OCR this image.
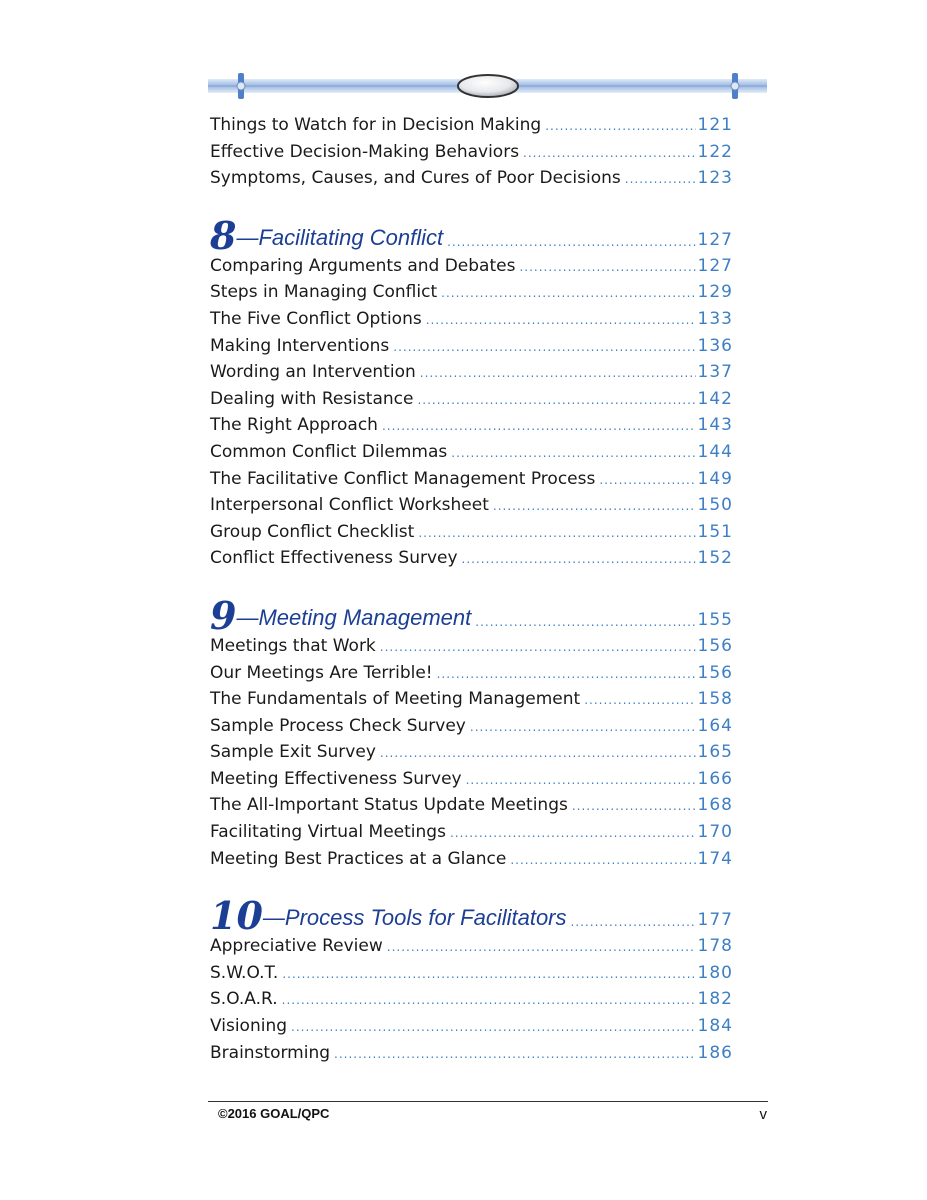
Things to Watch for in Decision Making .....	121
Effective Decision-Making Behaviors .....	122
Symptoms, Causes, and Cures of Poor Decisions .....	123
8 —Facilitating Conflict .....	127
Comparing Arguments and Debates .....	127
Steps in Managing Conflict .....	129
The Five Conflict Options .....	133
Making Interventions .....	136
Wording an Intervention .....	137
Dealing with Resistance .....	142
The Right Approach .....	143
Common Conflict Dilemmas .....	144
The Facilitative Conflict Management Process .....	149
Interpersonal Conflict Worksheet .....	150
Group Conflict Checklist .....	151
Conflict Effectiveness Survey .....	152
9 —Meeting Management .....	155
Meetings that Work .....	156
Our Meetings Are Terrible! .....	156
The Fundamentals of Meeting Management .....	158
Sample Process Check Survey .....	164
Sample Exit Survey .....	165
Meeting Effectiveness Survey .....	166
The All-Important Status Update Meetings .....	168
Facilitating Virtual Meetings .....	170
Meeting Best Practices at a Glance .....	174
10 —Process Tools for Facilitators .....	177
Appreciative Review .....	178
S.W.O.T. .....	180
S.O.A.R. .....	182
Visioning .....	184
Brainstorming .....	186
©2016 GOAL/QPC	v
